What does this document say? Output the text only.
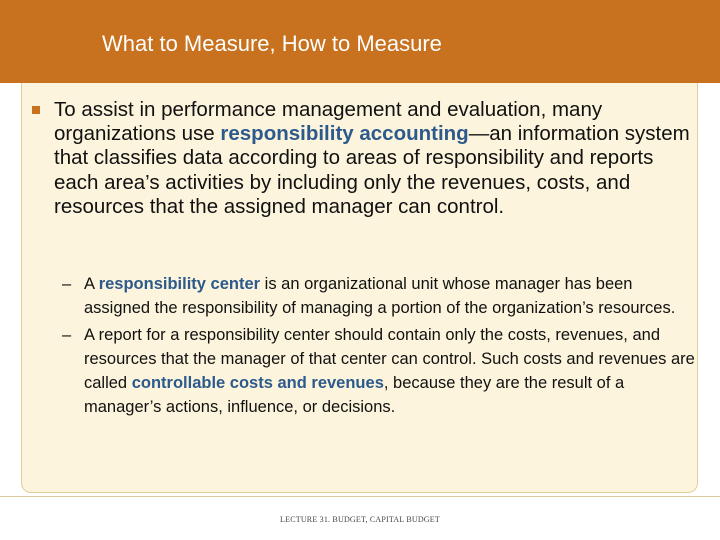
What to Measure, How to Measure

To assist in performance management and evaluation, many organizations use responsibility accounting—an information system that classifies data according to areas of responsibility and reports each area’s activities by including only the revenues, costs, and resources that the assigned manager can control.

– A responsibility center is an organizational unit whose manager has been assigned the responsibility of managing a portion of the organization’s resources.

– A report for a responsibility center should contain only the costs, revenues, and resources that the manager of that center can control. Such costs and revenues are called controllable costs and revenues, because they are the result of a manager’s actions, influence, or decisions.

LECTURE 31. BUDGET, CAPITAL BUDGET
